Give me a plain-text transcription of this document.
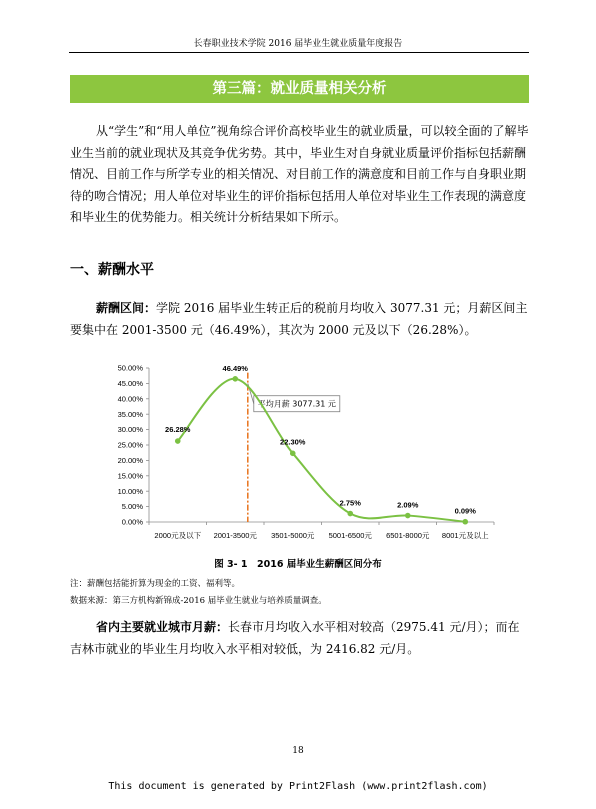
长春职业技术学院 2016 届毕业生就业质量年度报告
第三篇：就业质量相关分析
从“学生”和“用人单位”视角综合评价高校毕业生的就业质量，可以较全面的了解毕业生当前的就业现状及其竞争优劣势。其中，毕业生对自身就业质量评价指标包括薪酬情况、目前工作与所学专业的相关情况、对目前工作的满意度和目前工作与自身职业期待的吻合情况；用人单位对毕业生的评价指标包括用人单位对毕业生工作表现的满意度和毕业生的优势能力。相关统计分析结果如下所示。
一、薪酬水平
薪酬区间：学院 2016 届毕业生转正后的税前月均收入 3077.31 元；月薪区间主要集中在 2001-3500 元（46.49%），其次为 2000 元及以下（26.28%）。
0.00%
5.00%
10.00%
15.00%
20.00%
25.00%
30.00%
35.00%
40.00%
45.00%
50.00%
2000元及以下 2001-3500元 3501-5000元 5001-6500元 6501-8000元 8001元及以上
平均月薪 3077.31 元
26.28%
46.49%
22.30%
2.75%	2.09%
0.09%
图 3- 1　2016 届毕业生薪酬区间分布
注：薪酬包括能折算为现金的工资、福利等。
数据来源：第三方机构新锦成-2016 届毕业生就业与培养质量调查。
省内主要就业城市月薪：长春市月均收入水平相对较高（2975.41 元/月）；而在吉林市就业的毕业生月均收入水平相对较低，为 2416.82 元/月。
18
This document is generated by Print2Flash (www.print2flash.com)
